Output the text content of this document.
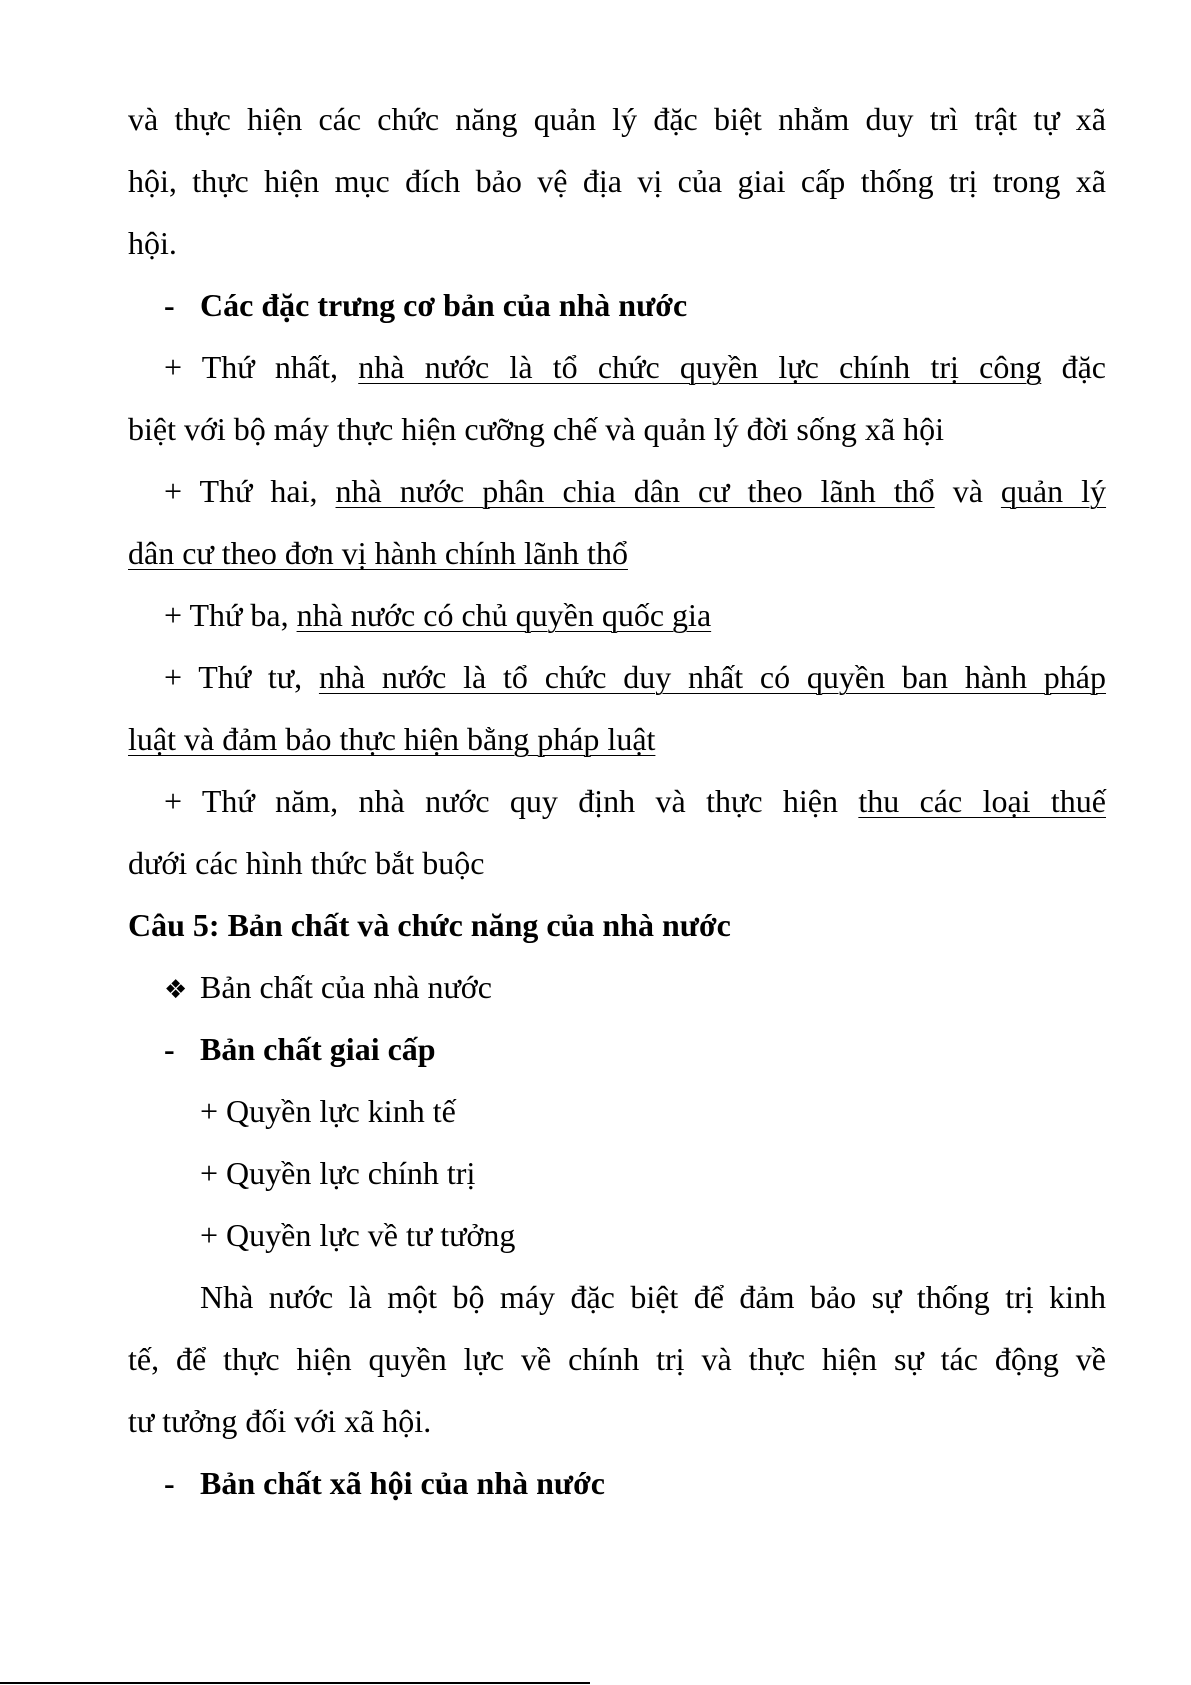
và thực hiện các chức năng quản lý đặc biệt nhằm duy trì trật tự xã
hội, thực hiện mục đích bảo vệ địa vị của giai cấp thống trị trong xã
hội.
- Các đặc trưng cơ bản của nhà nước
+ Thứ nhất, nhà nước là tổ chức quyền lực chính trị công đặc
biệt với bộ máy thực hiện cưỡng chế và quản lý đời sống xã hội
+ Thứ hai, nhà nước phân chia dân cư theo lãnh thổ và quản lý
dân cư theo đơn vị hành chính lãnh thổ
+ Thứ ba, nhà nước có chủ quyền quốc gia
+ Thứ tư, nhà nước là tổ chức duy nhất có quyền ban hành pháp
luật và đảm bảo thực hiện bằng pháp luật
+ Thứ năm, nhà nước quy định và thực hiện thu các loại thuế
dưới các hình thức bắt buộc
Câu 5: Bản chất và chức năng của nhà nước
❖ Bản chất của nhà nước
- Bản chất giai cấp
+ Quyền lực kinh tế
+ Quyền lực chính trị
+ Quyền lực về tư tưởng
Nhà nước là một bộ máy đặc biệt để đảm bảo sự thống trị kinh
tế, để thực hiện quyền lực về chính trị và thực hiện sự tác động về
tư tưởng đối với xã hội.
- Bản chất xã hội của nhà nước
